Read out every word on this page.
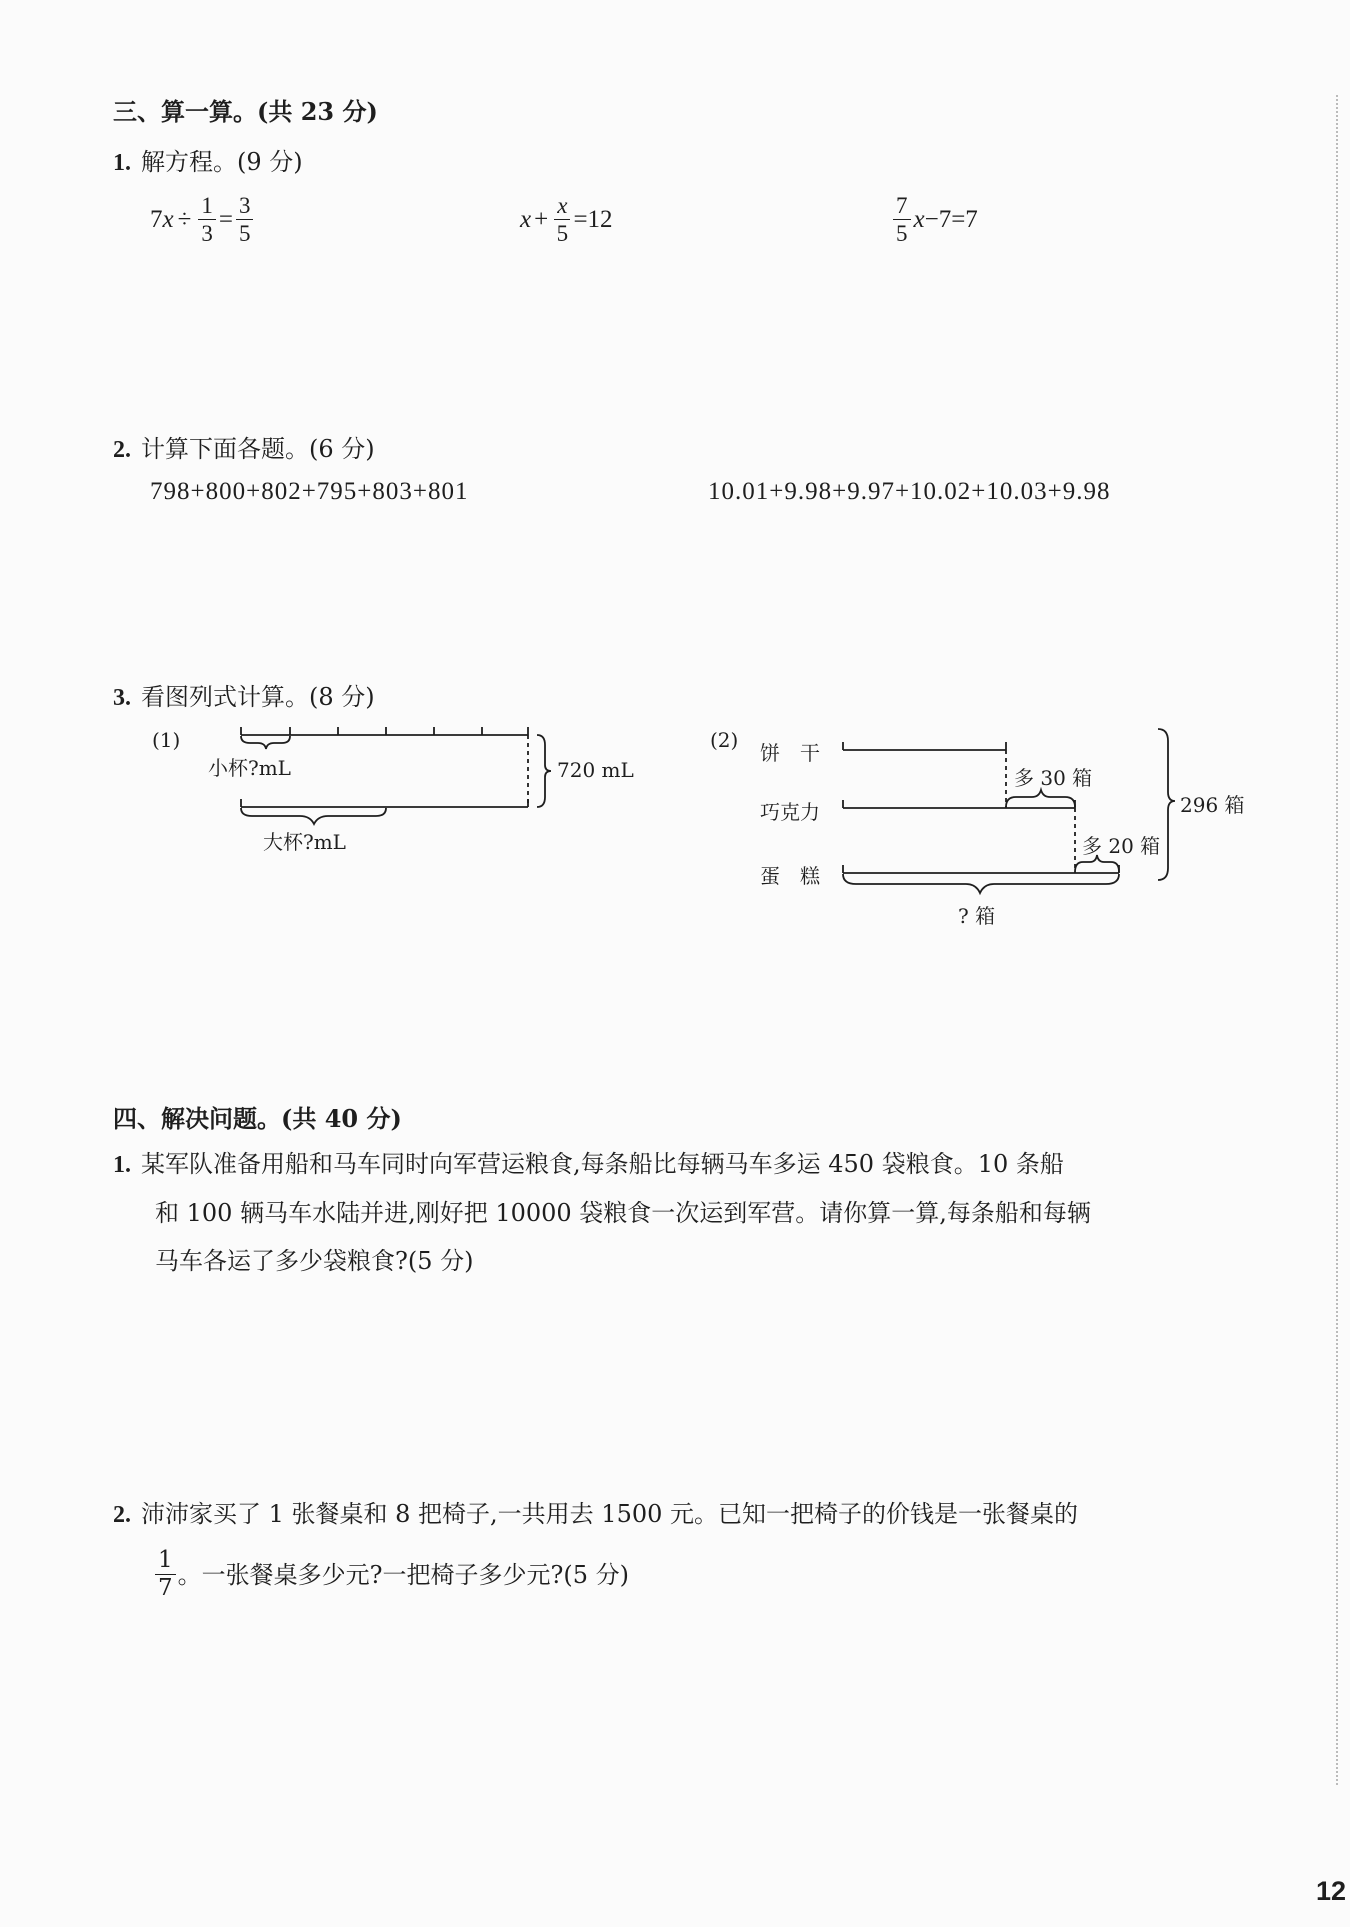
三、算一算。(共 23 分)
1. 解方程。(9 分)
7 $x \div \frac{1}{3} = \frac{3}{5}$	$x + \frac{x}{5} =12$	$\frac{7}{5}$ x −7=7
2. 计算下面各题。(6 分)
798+800+802+795+803+801	10.01+9.98+9.97+10.02+10.03+9.98
3. 看图列式计算。(8 分)
(1)
小杯?mL
大杯?mL
720 mL
(2)
饼　干
巧克力
蛋　糕
多 30 箱
多 20 箱
296 箱
? 箱
四、解决问题。(共 40 分)
1. 某军队准备用船和马车同时向军营运粮食,每条船比每辆马车多运 450 袋粮食。10 条船
和 100 辆马车水陆并进,刚好把 10000 袋粮食一次运到军营。请你算一算,每条船和每辆
马车各运了多少袋粮食?(5 分)
2. 沛沛家买了 1 张餐桌和 8 把椅子,一共用去 1500 元。已知一把椅子的价钱是一张餐桌的
$\frac{1}{7}$ 。一张餐桌多少元?一把椅子多少元?(5 分)
12
